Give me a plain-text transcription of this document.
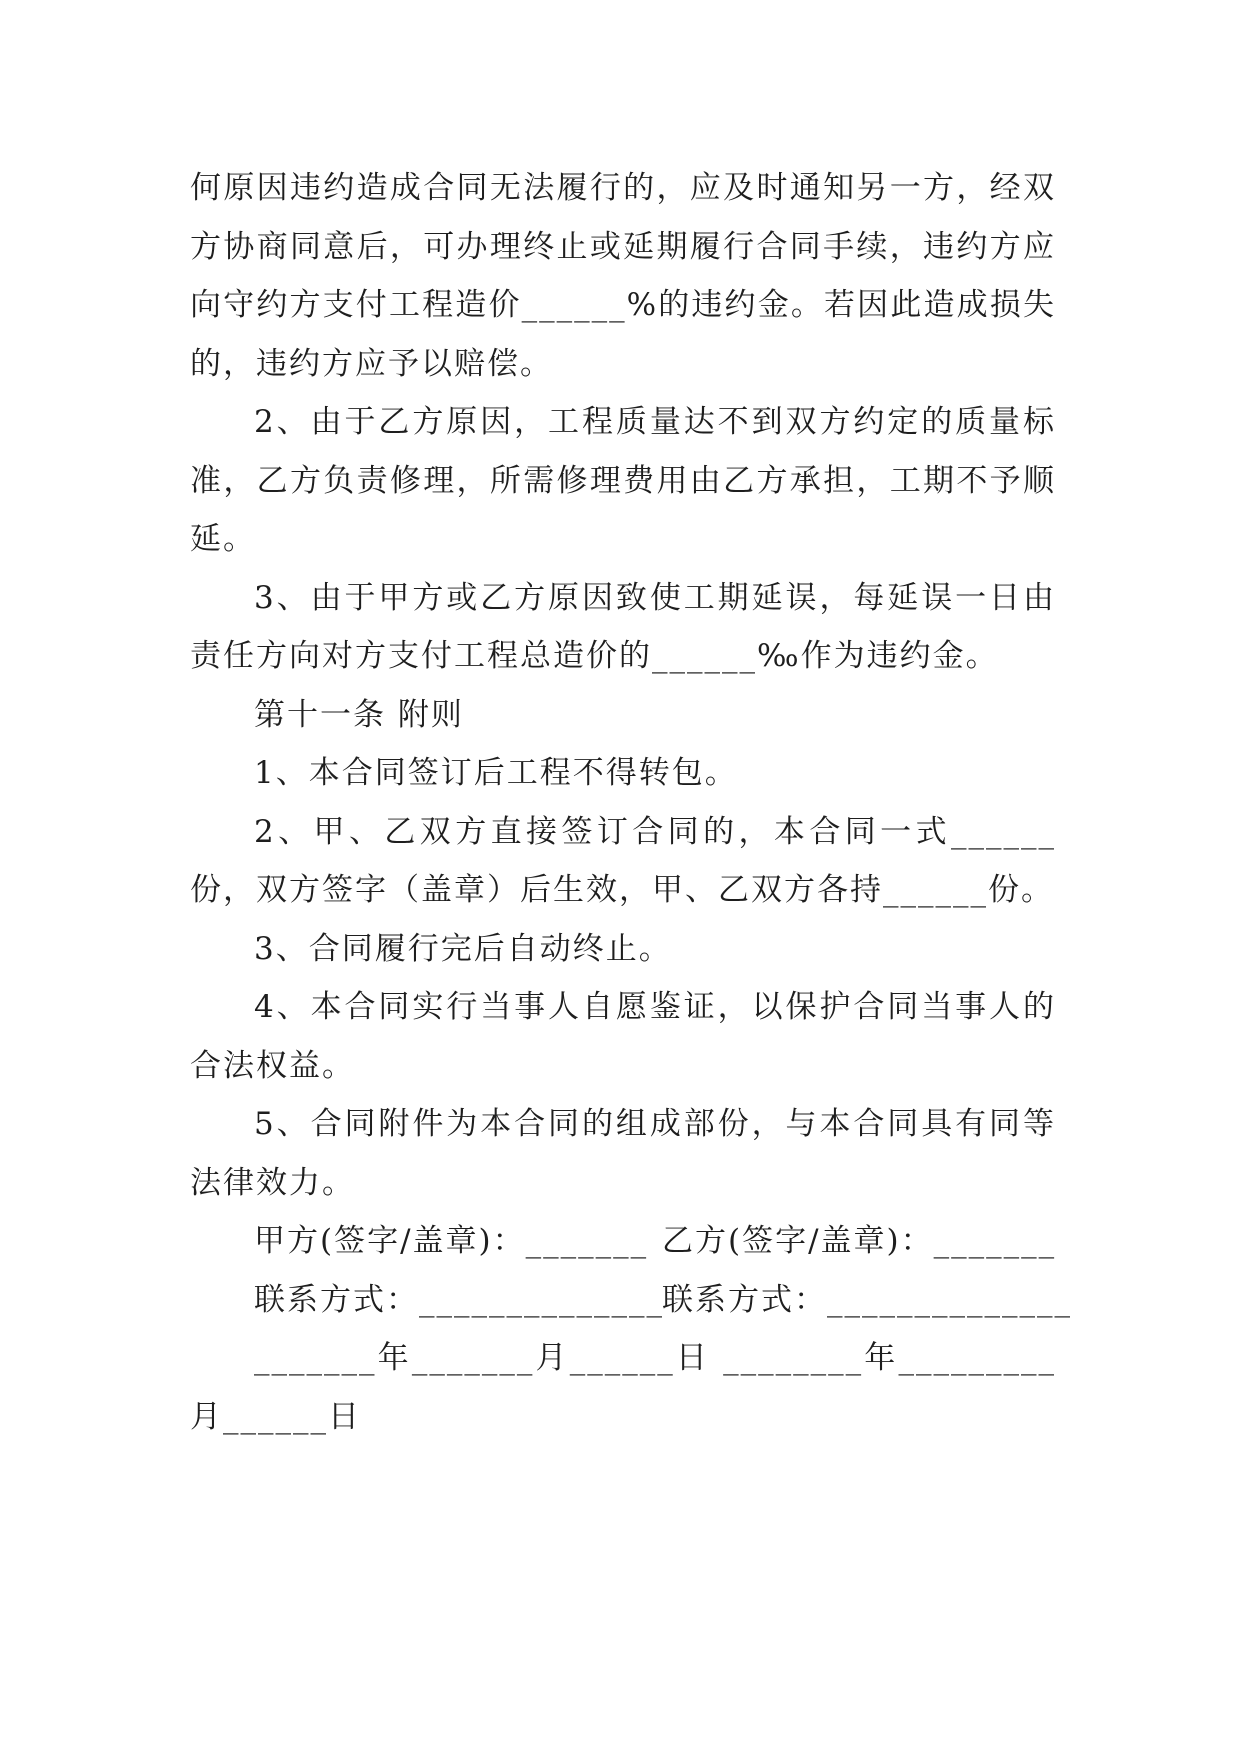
何原因违约造成合同无法履行的，应及时通知另一方，经双方协商同意后，可办理终止或延期履行合同手续，违约方应向守约方支付工程造价______%的违约金。若因此造成损失的，违约方应予以赔偿。

2、由于乙方原因，工程质量达不到双方约定的质量标准，乙方负责修理，所需修理费用由乙方承担，工期不予顺延。

3、由于甲方或乙方原因致使工期延误，每延误一日由责任方向对方支付工程总造价的______‰作为违约金。

第十一条 附则

1、本合同签订后工程不得转包。

2、甲、乙双方直接签订合同的，本合同一式______份，双方签字（盖章）后生效，甲、乙双方各持______份。

3、合同履行完后自动终止。

4、本合同实行当事人自愿鉴证，以保护合同当事人的合法权益。

5、合同附件为本合同的组成部份，与本合同具有同等法律效力。

甲方(签字/盖章)：_______ 乙方(签字/盖章)：_______
联系方式：______________
联系方式：______________

_______年_______月______日 ________年_________月______日
